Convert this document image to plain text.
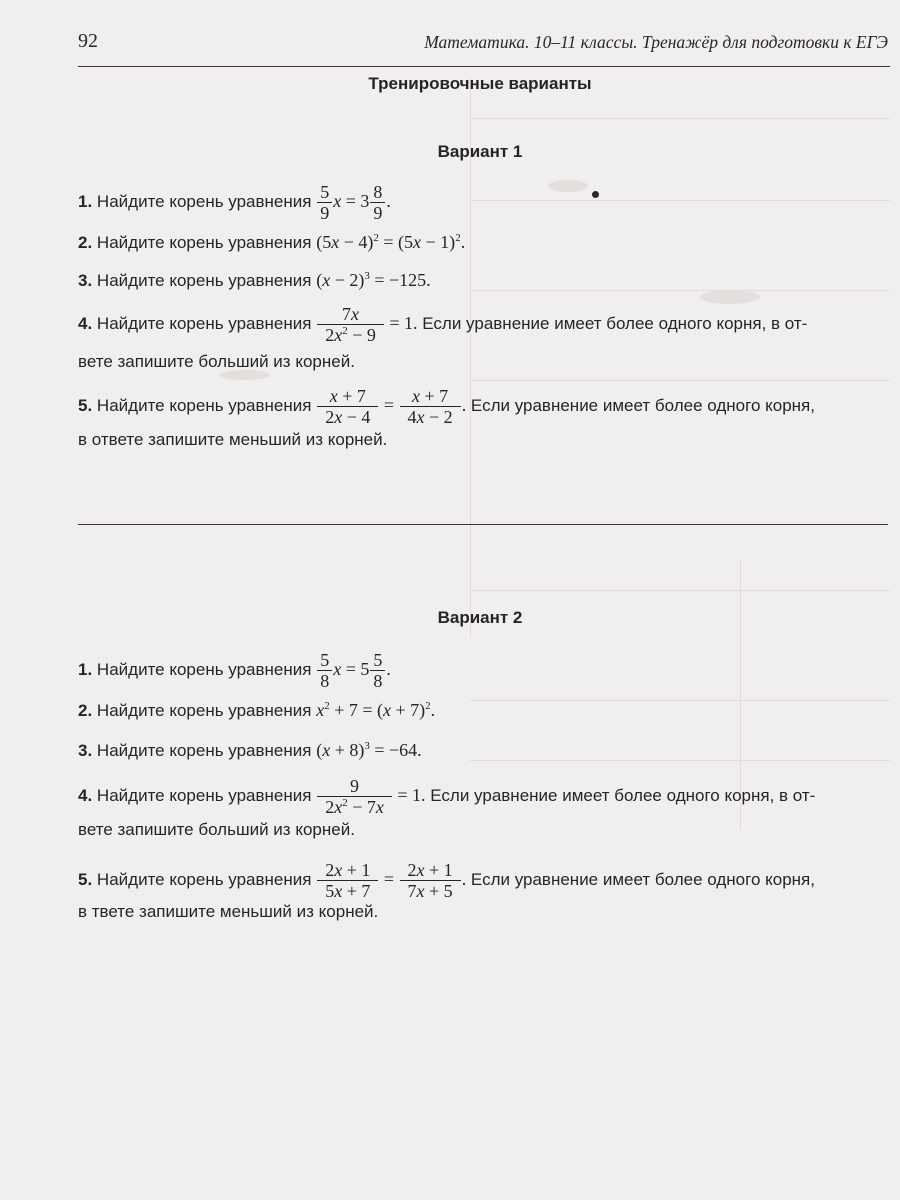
92	Математика. 10–11 классы. Тренажёр для подготовки к ЕГЭ
Тренировочные варианты
Вариант 1
1. Найдите корень уравнения $\frac{5}{9}$ $x = 3 \frac{8}{9}$ .
2. Найдите корень уравнения $(5x - 4)^2 = (5x - 1)^2$.
3. Найдите корень уравнения $(x - 2)^3 = -125$.
4. Найдите корень уравнения $\frac{7x}{2x^2 - 9} = 1$. Если уравнение имеет более одного корня, в от-
вете запишите больший из корней.
5. Найдите корень уравнения $\frac{x + 7}{2x - 4} = \frac{x + 7}{4x - 2}$ . Если уравнение имеет более одного корня,
в ответе запишите меньший из корней.
Вариант 2
1. Найдите корень уравнения $\frac{5}{8}$ $x = 5 \frac{5}{8}$ .
2. Найдите корень уравнения $x^2 + 7 = (x + 7)^2$.
3. Найдите корень уравнения $(x + 8)^3 = -64$.
4. Найдите корень уравнения $\frac{9}{2x^2 - 7x} = 1$. Если уравнение имеет более одного корня, в от-
вете запишите больший из корней.
5. Найдите корень уравнения $\frac{2x + 1}{5x + 7} = \frac{2x + 1}{7x + 5}$ . Если уравнение имеет более одного корня,
в твете запишите меньший из корней.
